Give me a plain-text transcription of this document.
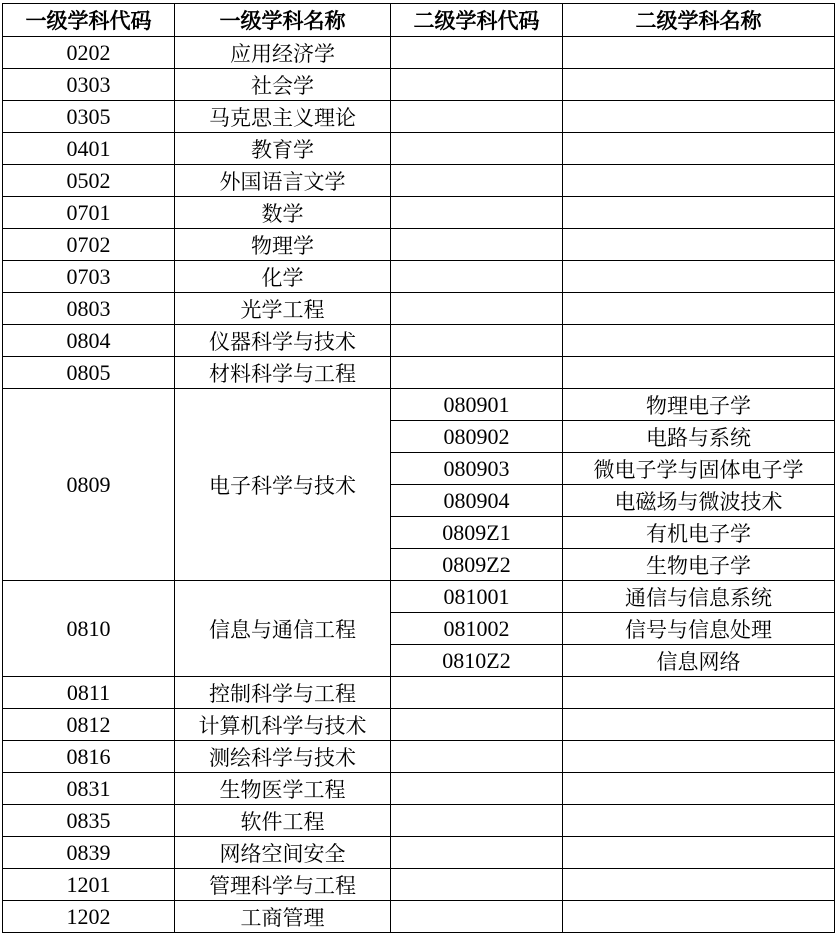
一级学科代码	一级学科名称	二级学科代码	二级学科名称
0202	应用经济学		
0303	社会学		
0305	马克思主义理论		
0401	教育学		
0502	外国语言文学		
0701	数学		
0702	物理学		
0703	化学		
0803	光学工程		
0804	仪器科学与技术		
0805	材料科学与工程		
0809	电子科学与技术	080901	物理电子学
		080902	电路与系统
		080903	微电子学与固体电子学
		080904	电磁场与微波技术
		0809Z1	有机电子学
		0809Z2	生物电子学
0810	信息与通信工程	081001	通信与信息系统
		081002	信号与信息处理
		0810Z2	信息网络
0811	控制科学与工程		
0812	计算机科学与技术		
0816	测绘科学与技术		
0831	生物医学工程		
0835	软件工程		
0839	网络空间安全		
1201	管理科学与工程		
1202	工商管理		
